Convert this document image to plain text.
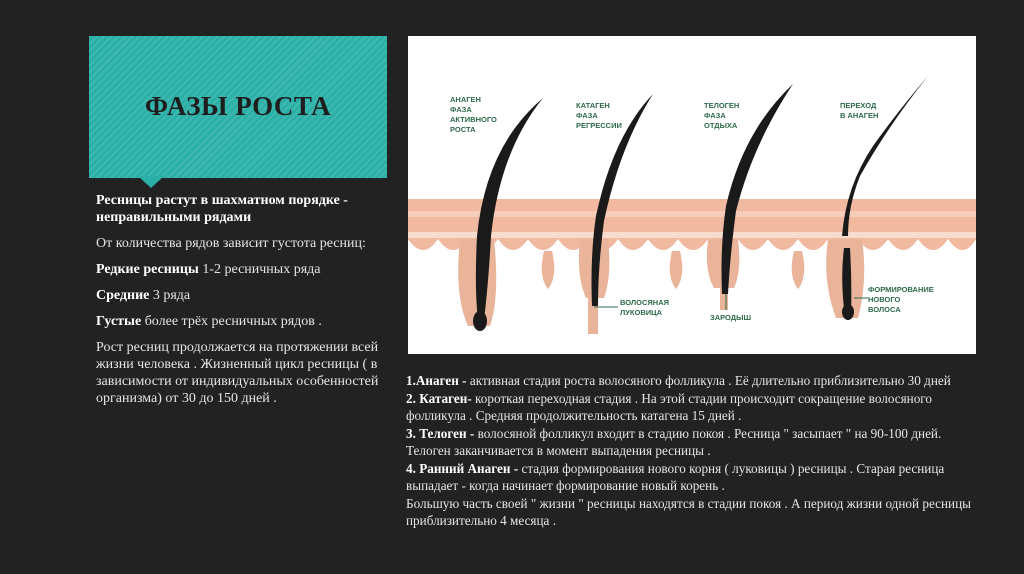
ФАЗЫ РОСТА

Ресницы растут в шахматном порядке - неправильными рядами

От количества рядов зависит густота ресниц:

Редкие ресницы 1-2 ресничных ряда

Средние 3 ряда

Густые более трёх ресничных рядов .

Рост ресниц продолжается на протяжении всей жизни человека . Жизненный цикл ресницы ( в зависимости от индивидуальных особенностей организма) от 30 до 150 дней .

АНАГЕН ФАЗА АКТИВНОГО РОСТА
КАТАГЕН ФАЗА РЕГРЕССИИ
ТЕЛОГЕН ФАЗА ОТДЫХА
ПЕРЕХОД В АНАГЕН
ВОЛОСЯНАЯ ЛУКОВИЦА
ЗАРОДЫШ
ФОРМИРОВАНИЕ НОВОГО ВОЛОСА
1.Анаген - активная стадия роста волосяного фолликула . Её длительно приблизительно 30 дней
2. Катаген- короткая переходная стадия . На этой стадии происходит сокращение волосяного фолликула . Средняя продолжительность катагена 15 дней .
3. Телоген - волосяной фолликул входит в стадию покоя . Ресница " засыпает " на 90-100 дней. Телоген заканчивается в момент выпадения ресницы .
4. Ранний Анаген - стадия формирования нового корня ( луковицы ) ресницы . Старая ресница выпадает - когда начинает формирование новый корень .
Большую часть своей " жизни " ресницы находятся в стадии покоя . А период жизни одной ресницы приблизительно 4 месяца .
